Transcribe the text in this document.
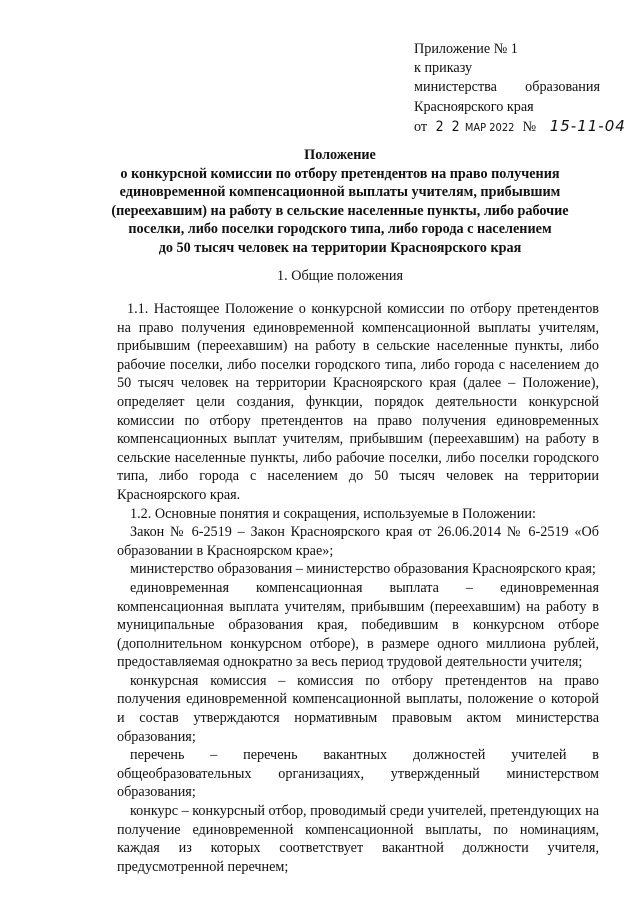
Приложение № 1
к приказу
министерства образования
Красноярского края
от 2 2 МАР 2022 № 15-11-04
Положение
о конкурсной комиссии по отбору претендентов на право получения
единовременной компенсационной выплаты учителям, прибывшим
(переехавшим) на работу в сельские населенные пункты, либо рабочие
поселки, либо поселки городского типа, либо города с населением
до 50 тысяч человек на территории Красноярского края
1. Общие положения

1.1. Настоящее Положение о конкурсной комиссии по отбору претендентов на право получения единовременной компенсационной выплаты учителям, прибывшим (переехавшим) на работу в сельские населенные пункты, либо рабочие поселки, либо поселки городского типа, либо города с населением до 50 тысяч человек на территории Красноярского края (далее – Положение), определяет цели создания, функции, порядок деятельности конкурсной комиссии по отбору претендентов на право получения единовременных компенсационных выплат учителям, прибывшим (переехавшим) на работу в сельские населенные пункты, либо рабочие поселки, либо поселки городского типа, либо города с населением до 50 тысяч человек на территории Красноярского края.

1.2. Основные понятия и сокращения, используемые в Положении:

Закон № 6-2519 – Закон Красноярского края от 26.06.2014 № 6-2519 «Об образовании в Красноярском крае»;

министерство образования – министерство образования Красноярского края;

единовременная компенсационная выплата – единовременная компенсационная выплата учителям, прибывшим (переехавшим) на работу в муниципальные образования края, победившим в конкурсном отборе (дополнительном конкурсном отборе), в размере одного миллиона рублей, предоставляемая однократно за весь период трудовой деятельности учителя;

конкурсная комиссия – комиссия по отбору претендентов на право получения единовременной компенсационной выплаты, положение о которой и состав утверждаются нормативным правовым актом министерства образования;

перечень – перечень вакантных должностей учителей в общеобразовательных организациях, утвержденный министерством образования;

конкурс – конкурсный отбор, проводимый среди учителей, претендующих на получение единовременной компенсационной выплаты, по номинациям, каждая из которых соответствует вакантной должности учителя, предусмотренной перечнем;
